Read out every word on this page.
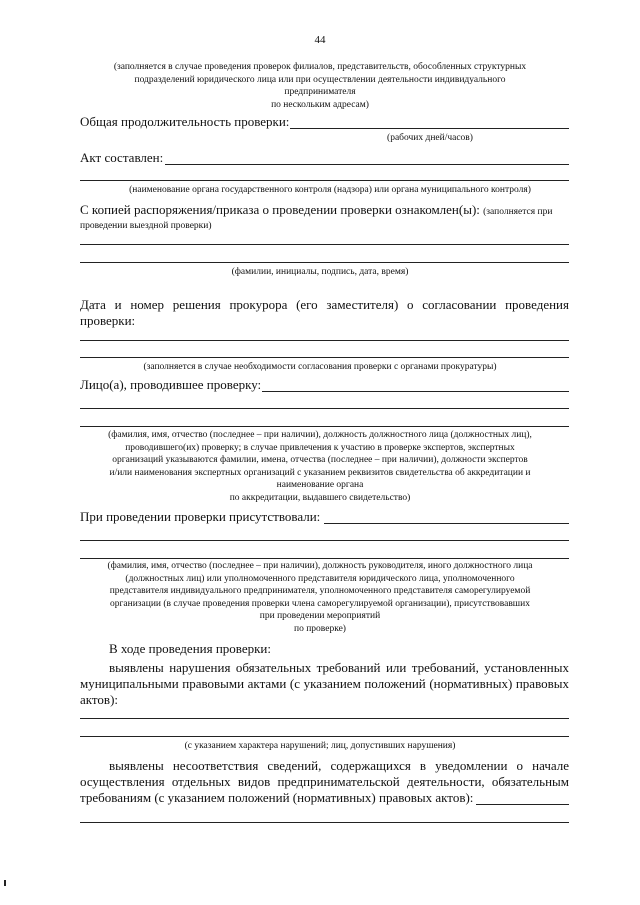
44
(заполняется в случае проведения проверок филиалов, представительств, обособленных структурных
подразделений юридического лица или при осуществлении деятельности индивидуального
предпринимателя
по нескольким адресам)
Общая продолжительность проверки:
(рабочих дней/часов)
Акт составлен:
(наименование органа государственного контроля (надзора) или органа муниципального контроля)
С копией распоряжения/приказа о проведении проверки ознакомлен(ы): (заполняется при
проведении выездной проверки)
(фамилии, инициалы, подпись, дата, время)
Дата и номер решения прокурора (его заместителя) о согласовании проведения
проверки:
(заполняется в случае необходимости согласования проверки с органами прокуратуры)
Лицо(а), проводившее проверку:
(фамилия, имя, отчество (последнее – при наличии), должность должностного лица (должностных лиц),
проводившего(их) проверку; в случае привлечения к участию в проверке экспертов, экспертных
организаций указываются фамилии, имена, отчества (последнее – при наличии), должности экспертов
и/или наименования экспертных организаций с указанием реквизитов свидетельства об аккредитации и
наименование органа
по аккредитации, выдавшего свидетельство)
При проведении проверки присутствовали:
(фамилия, имя, отчество (последнее – при наличии), должность руководителя, иного должностного лица
(должностных лиц) или уполномоченного представителя юридического лица, уполномоченного
представителя индивидуального предпринимателя, уполномоченного представителя саморегулируемой
организации (в случае проведения проверки члена саморегулируемой организации), присутствовавших
при проведении мероприятий
по проверке)
В ходе проведения проверки:
выявлены нарушения обязательных требований или требований, установленных
муниципальными правовыми актами (с указанием положений (нормативных) правовых
актов):
(с указанием характера нарушений; лиц, допустивших нарушения)
выявлены несоответствия сведений, содержащихся в уведомлении о начале
осуществления отдельных видов предпринимательской деятельности, обязательным
требованиям (с указанием положений (нормативных) правовых актов):
